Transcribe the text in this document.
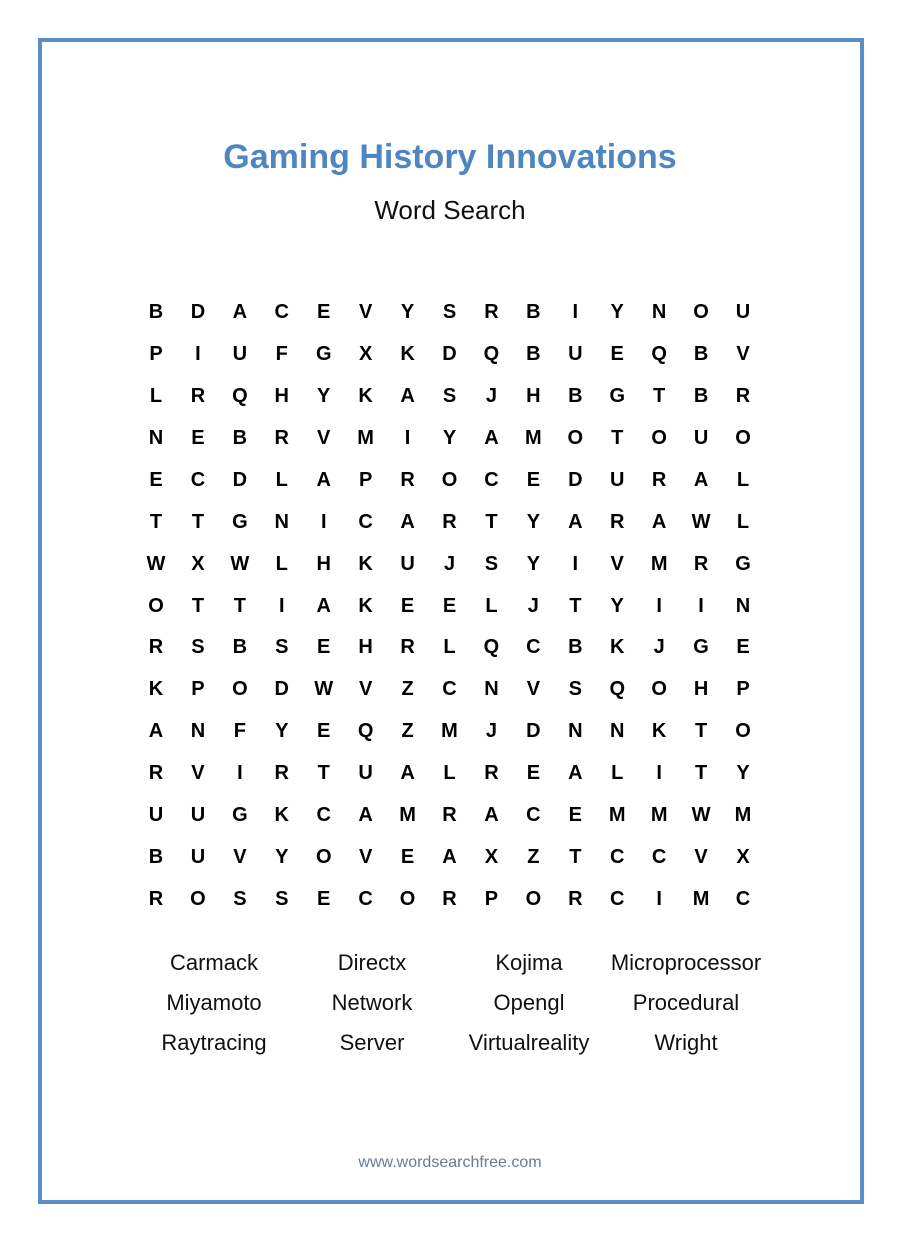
Gaming History Innovations
Word Search
B	D	A	C	E	V	Y	S	R	B	I	Y	N	O	U
P	I	U	F	G	X	K	D	Q	B	U	E	Q	B	V
L	R	Q	H	Y	K	A	S	J	H	B	G	T	B	R
N	E	B	R	V	M	I	Y	A	M	O	T	O	U	O
E	C	D	L	A	P	R	O	C	E	D	U	R	A	L
T	T	G	N	I	C	A	R	T	Y	A	R	A	W	L
W	X	W	L	H	K	U	J	S	Y	I	V	M	R	G
O	T	T	I	A	K	E	E	L	J	T	Y	I	I	N
R	S	B	S	E	H	R	L	Q	C	B	K	J	G	E
K	P	O	D	W	V	Z	C	N	V	S	Q	O	H	P
A	N	F	Y	E	Q	Z	M	J	D	N	N	K	T	O
R	V	I	R	T	U	A	L	R	E	A	L	I	T	Y
U	U	G	K	C	A	M	R	A	C	E	M	M	W	M
B	U	V	Y	O	V	E	A	X	Z	T	C	C	V	X
R	O	S	S	E	C	O	R	P	O	R	C	I	M	C
Carmack	Directx	Kojima	Microprocessor
Miyamoto	Network	Opengl	Procedural
Raytracing	Server	Virtualreality	Wright
www.wordsearchfree.com
